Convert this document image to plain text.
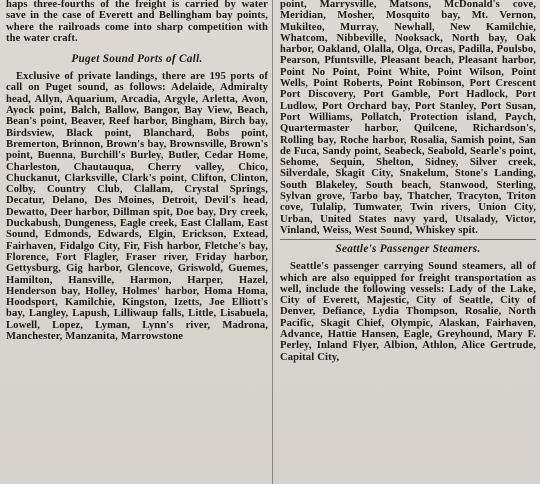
haps three-fourths of the freight is carried by water save in the case of Everett and Bellingham bay points, where the railroads come into sharp competition with the water craft.

Puget Sound Ports of Call.

Exclusive of private landings, there are 195 ports of call on Puget sound, as follows: Adelaide, Admiralty head, Allyn, Aquarium, Arcadia, Argyle, Arletta, Avon, Ayock point, Balch, Ballow, Bangor, Bay View, Beach, Bean's point, Beaver, Reef harbor, Bingham, Birch bay, Birdsview, Black point, Blanchard, Bobs point, Bremerton, Brinnon, Brown's bay, Brownsville, Brown's point, Buenna, Burchill's Burley, Butler, Cedar Home, Charleston, Chautauqua, Cherry valley, Chico, Chuckanut, Clarksville, Clark's point, Clifton, Clinton, Colby, Country Club, Clallam, Crystal Springs, Decatur, Delano, Des Moines, Detroit, Devil's head, Dewatto, Deer harbor, Dillman spit, Doe bay, Dry creek, Duckabush, Dungeness, Eagle creek, East Clallam, East Sound, Edmonds, Edwards, Elgin, Erickson, Extead, Fairhaven, Fidalgo City, Fir, Fish harbor, Fletche's bay, Florence, Fort Flagler, Fraser river, Friday harbor, Gettysburg, Gig harbor, Glencove, Griswold, Guemes, Hamilton, Hansville, Harmon, Harper, Hazel, Henderson bay, Holley, Holmes' harbor, Homa Homa, Hoodsport, Kamilchie, Kingston, Izetts, Joe Elliott's bay, Langley, Lapush, Lilliwaup falls, Little, Lisabuela, Lowell, Lopez, Lyman, Lynn's river, Madrona, Manchester, Manzanita, Marrowstone

point, Marrysville, Matsons, McDonald's cove, Meridian, Mosher, Mosquito bay, Mt. Vernon, Mukilteo, Murray, Newhall, New Kamilchie, Whatcom, Nibbeville, Nooksack, North bay, Oak harbor, Oakland, Olalla, Olga, Orcas, Padilla, Poulsbo, Pearson, Pfuntsville, Pleasant beach, Pleasant harbor, Point No Point, Point White, Point Wilson, Point Wells, Point Roberts, Point Robinson, Port Crescent Port Discovery, Port Gamble, Port Hadlock, Port Ludlow, Port Orchard bay, Port Stanley, Port Susan, Port Williams, Pollatch, Protection island, Paych, Quartermaster harbor, Quilcene, Richardson's, Rolling bay, Roche harbor, Rosalia, Samish point, San de Fuca, Sandy point, Seabeck, Seabold, Searle's point, Sehome, Sequin, Shelton, Sidney, Silver creek, Silverdale, Skagit City, Snakelum, Stone's Landing, South Blakeley, South beach, Stanwood, Sterling, Sylvan grove, Tarbo bay, Thatcher, Tracyton, Triton cove, Tulalip, Tumwater, Twin rivers, Union City, Urban, United States navy yard, Utsalady, Victor, Vinland, Weiss, West Sound, Whiskey spit.

Seattle's Passenger Steamers.

Seattle's passenger carrying Sound steamers, all of which are also equipped for freight transportation as well, include the following vessels: Lady of the Lake, City of Everett, Majestic, City of Seattle, City of Denver, Defiance, Lydia Thompson, Rosalie, North Pacific, Skagit Chief, Olympic, Alaskan, Fairhaven, Advance, Hattie Hansen, Eagle, Greyhound, Mary F. Perley, Inland Flyer, Albion, Athlon, Alice Gertrude, Capital City,
